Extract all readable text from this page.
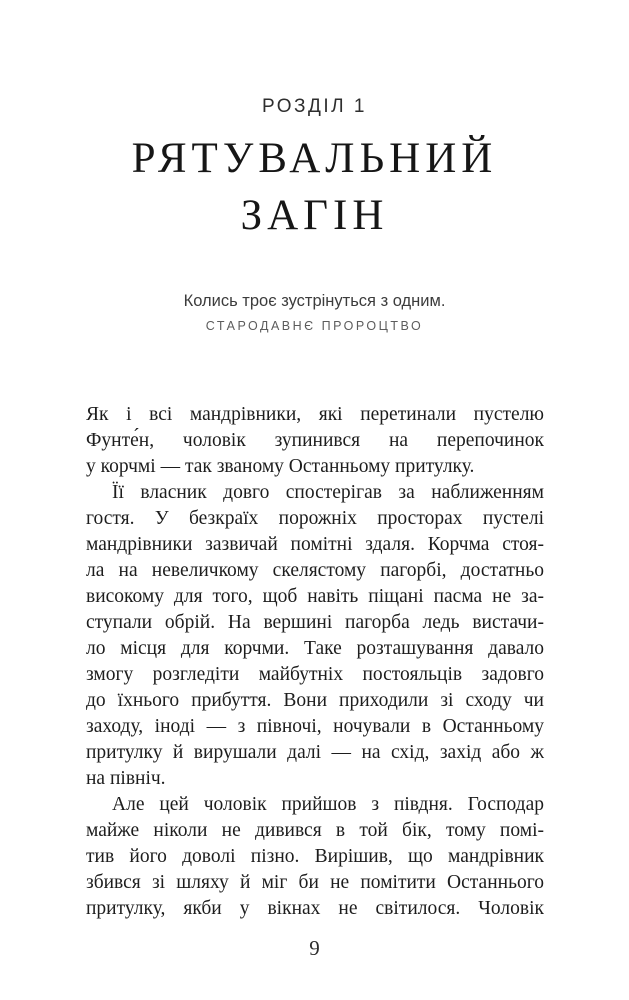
РОЗДІЛ 1
РЯТУВАЛЬНИЙ
ЗАГІН
Колись троє зустрінуться з одним.
СТАРОДАВНЄ ПРОРОЦТВО
Як і всі мандрівники, які перетинали пустелю
Фунте́н, чоловік зупинився на перепочинок
у корчмі — так званому Останньому притулку.
Її власник довго спостерігав за наближенням
гостя. У безкраїх порожніх просторах пустелі
мандрівники зазвичай помітні здаля. Корчма стоя-
ла на невеличкому скелястому пагорбі, достатньо
високому для того, щоб навіть піщані пасма не за-
ступали обрій. На вершині пагорба ледь вистачи-
ло місця для корчми. Таке розташування давало
змогу розгледіти майбутніх постояльців задовго
до їхнього прибуття. Вони приходили зі сходу чи
заходу, іноді — з півночі, ночували в Останньому
притулку й вирушали далі — на схід, захід або ж
на північ.
Але цей чоловік прийшов з півдня. Господар
майже ніколи не дивився в той бік, тому помі-
тив його доволі пізно. Вирішив, що мандрівник
збився зі шляху й міг би не помітити Останнього
притулку, якби у вікнах не світилося. Чоловік
9
